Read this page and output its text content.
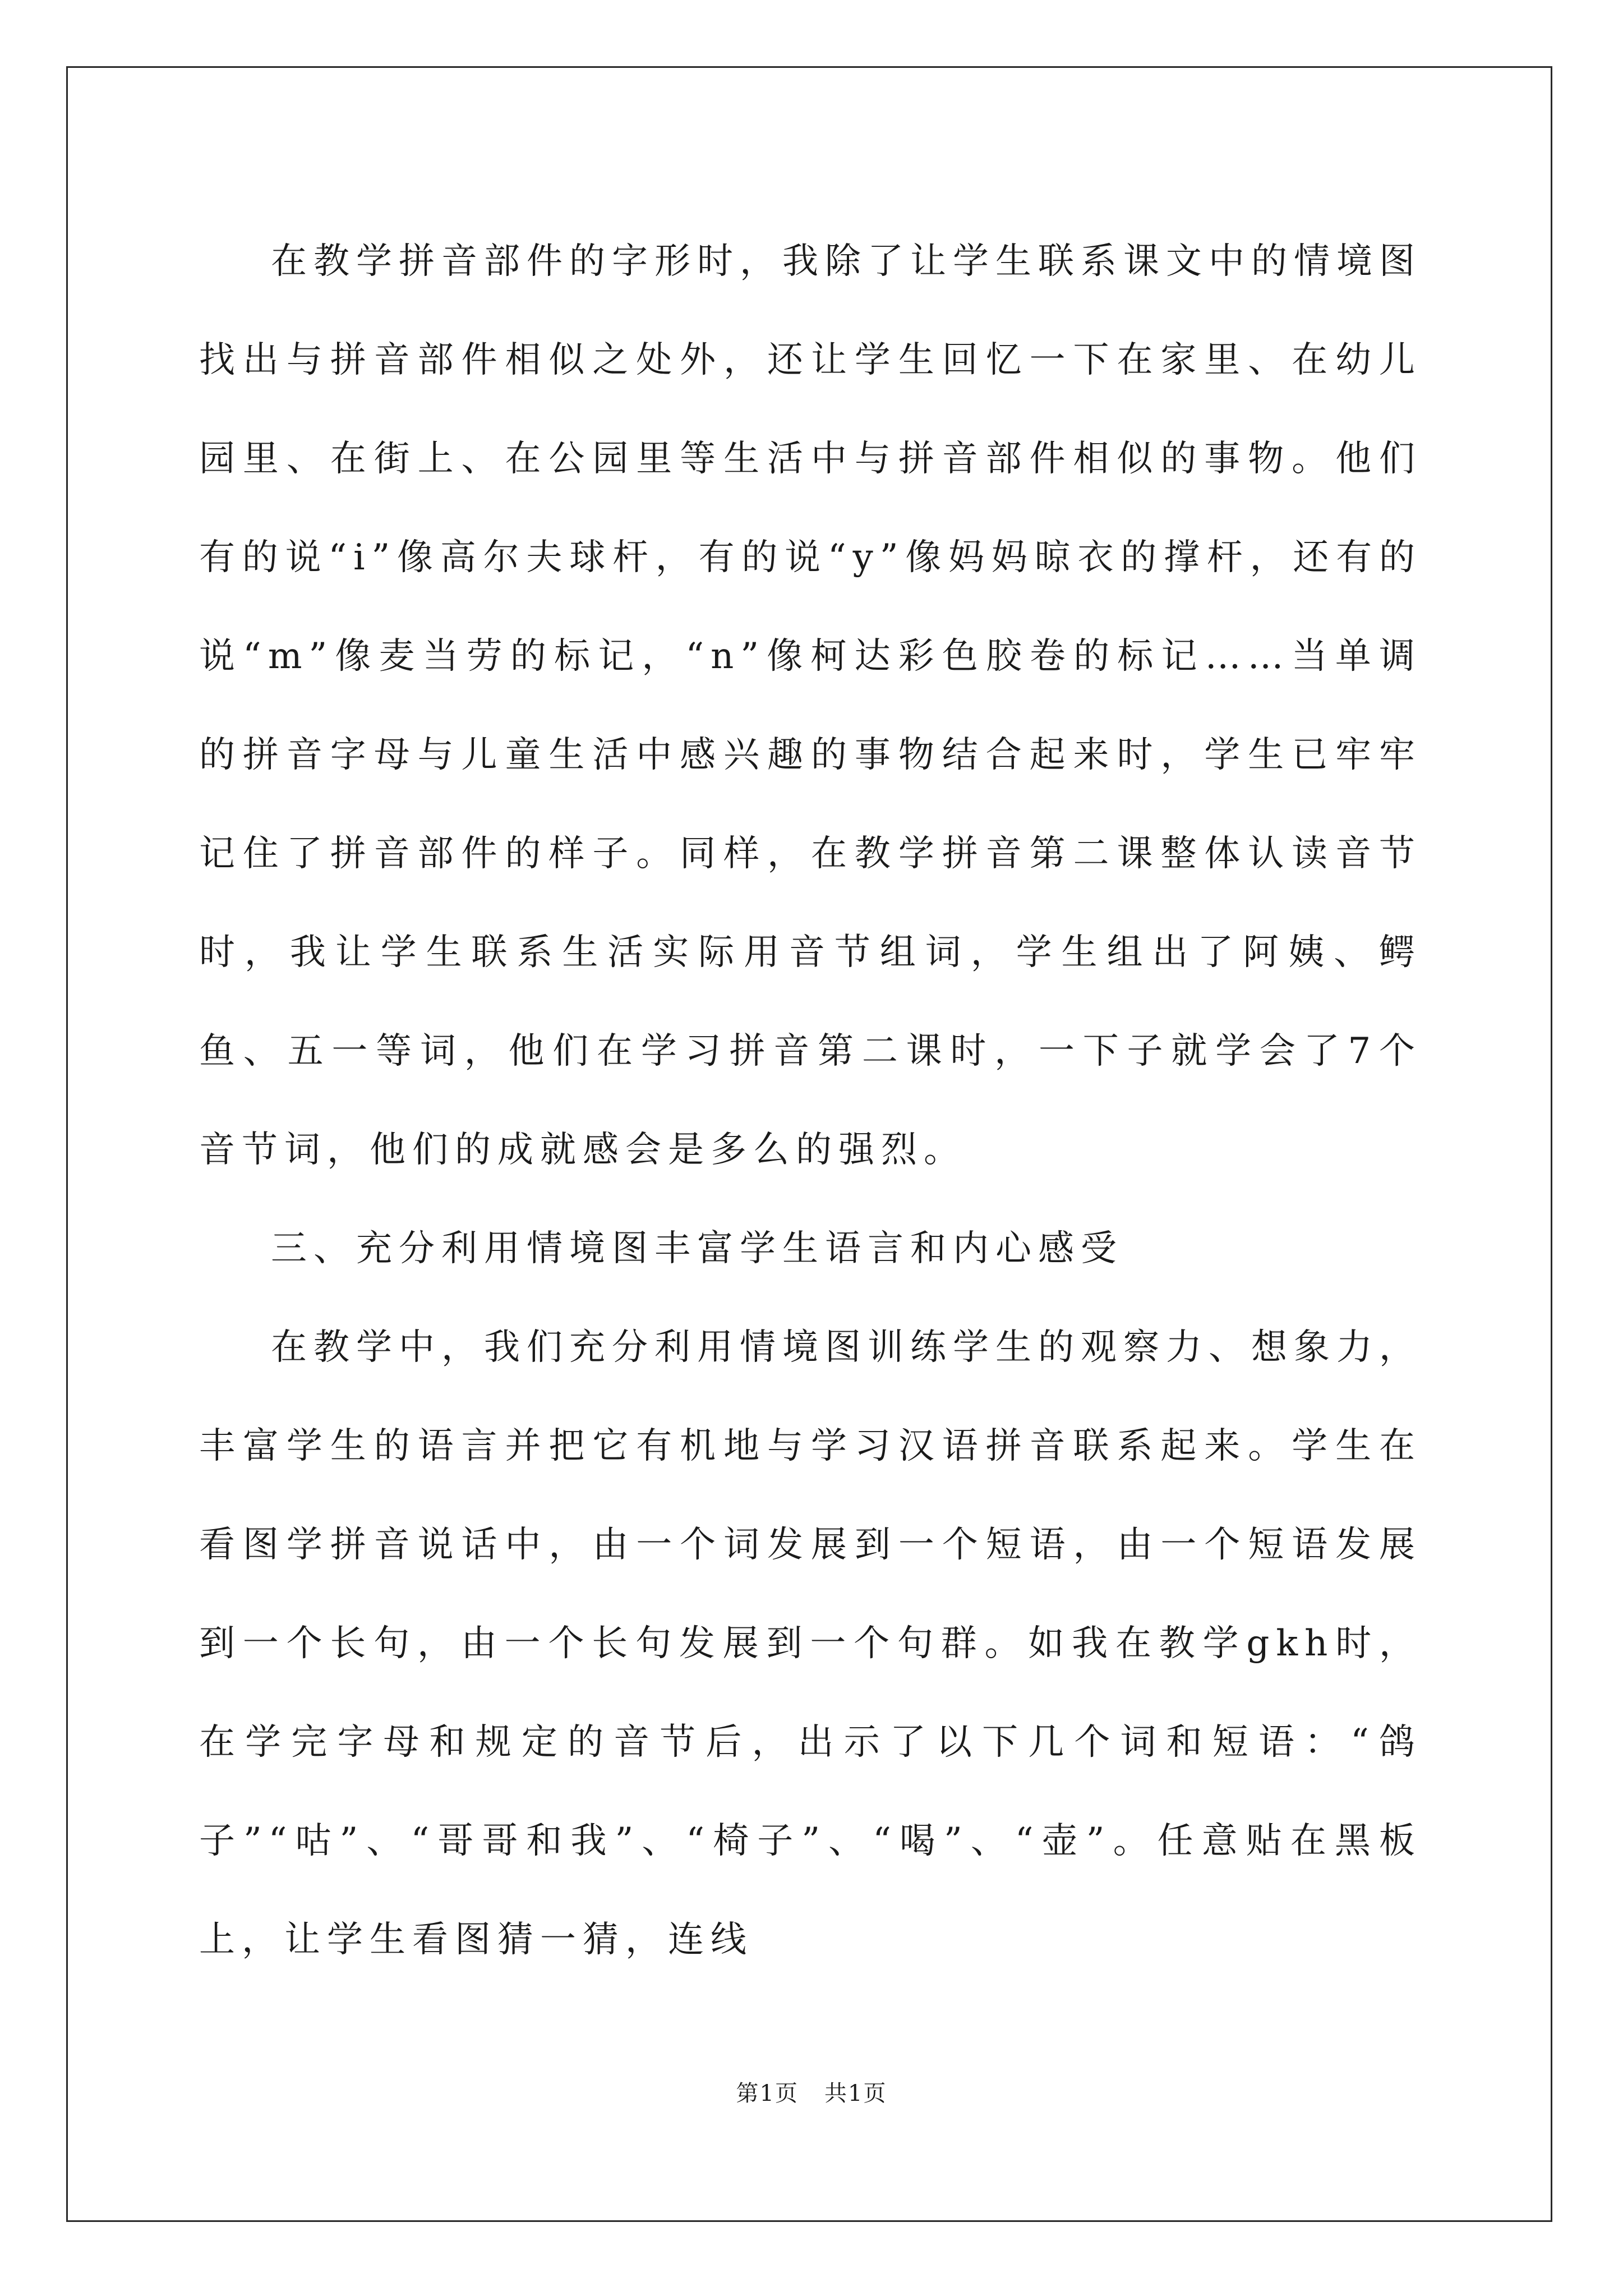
在教学拼音部件的字形时，我除了让学生联系课文中的情境图找出与拼音部件相似之处外，还让学生回忆一下在家里、在幼儿园里、在街上、在公园里等生活中与拼音部件相似的事物。他们有的说“i”像高尔夫球杆，有的说“y”像妈妈晾衣的撑杆，还有的说“m”像麦当劳的标记，“n”像柯达彩色胶卷的标记……当单调的拼音字母与儿童生活中感兴趣的事物结合起来时，学生已牢牢记住了拼音部件的样子。同样，在教学拼音第二课整体认读音节时，我让学生联系生活实际用音节组词，学生组出了阿姨、鳄鱼、五一等词，他们在学习拼音第二课时，一下子就学会了7个音节词，他们的成就感会是多么的强烈。

三、充分利用情境图丰富学生语言和内心感受

在教学中，我们充分利用情境图训练学生的观察力、想象力，丰富学生的语言并把它有机地与学习汉语拼音联系起来。学生在看图学拼音说话中，由一个词发展到一个短语，由一个短语发展到一个长句，由一个长句发展到一个句群。如我在教学gkh时，在学完字母和规定的音节后，出示了以下几个词和短语：“鸽子”“咕”、“哥哥和我”、“椅子”、“喝”、“壶”。任意贴在黑板上，让学生看图猜一猜，连线

第1页 共1页
